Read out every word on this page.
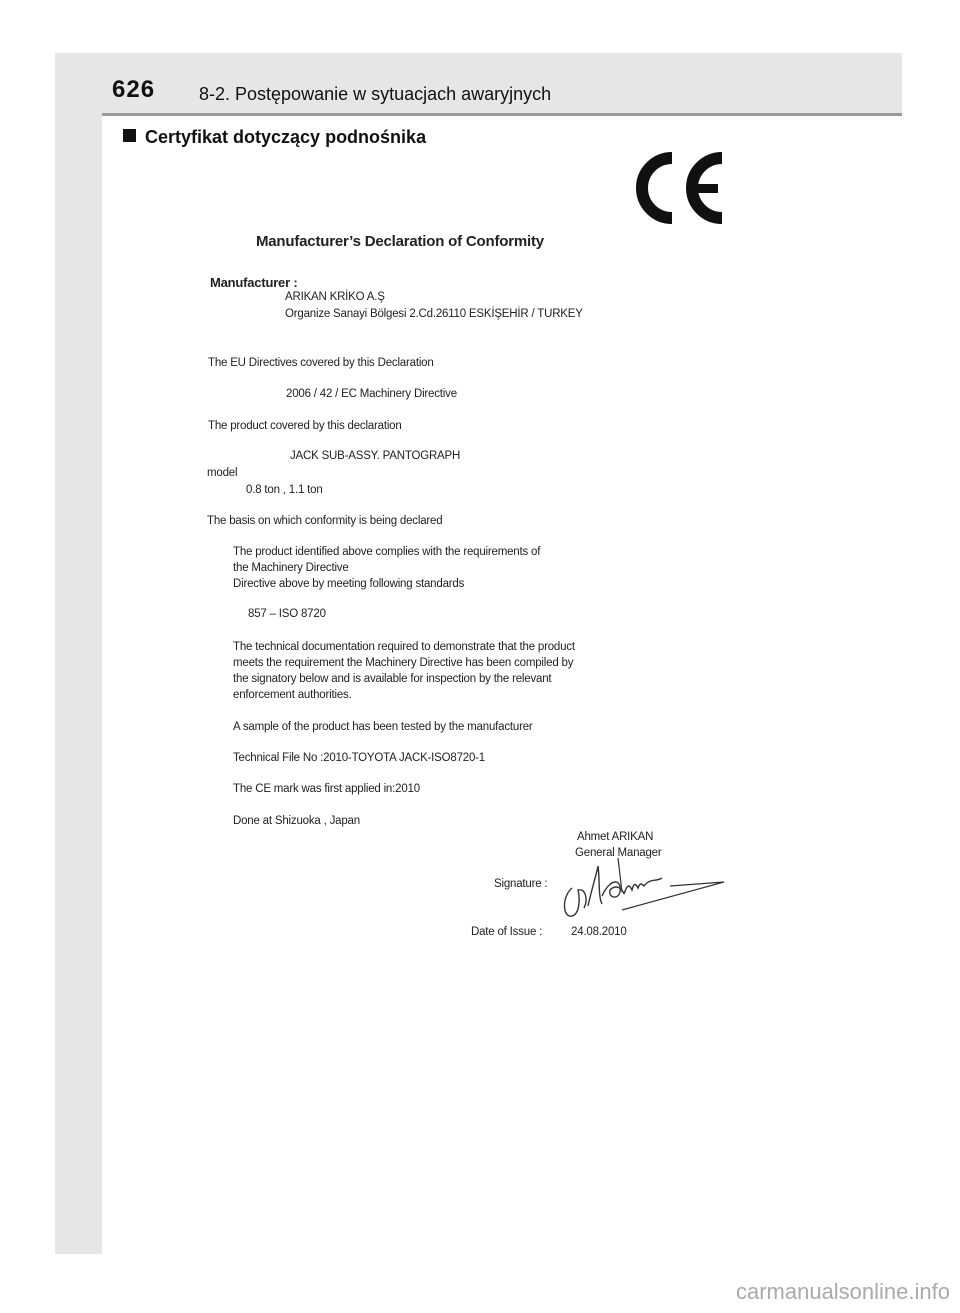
626 8-2. Postępowanie w sytuacjach awaryjnych
Certyfikat dotyczący podnośnika
Manufacturer’s Declaration of Conformity
Manufacturer :
ARIKAN KRİKO A.Ş
Organize Sanayi Bölgesi 2.Cd.26110 ESKİŞEHİR / TURKEY
The EU Directives covered by this Declaration
2006 / 42 / EC Machinery Directive
The product covered by this declaration
JACK SUB-ASSY. PANTOGRAPH
model
0.8 ton , 1.1 ton
The basis on which conformity is being declared
The product identified above complies with the requirements of
the Machinery Directive
Directive above by meeting following standards
857 – ISO 8720
The technical documentation required to demonstrate that the product
meets the requirement the Machinery Directive has been compiled by
the signatory below and is available for inspection by the relevant
enforcement authorities.
A sample of the product has been tested by the manufacturer
Technical File No :2010-TOYOTA JACK-ISO8720-1
The CE mark was first applied in:2010
Done at Shizuoka , Japan
Ahmet ARIKAN
General Manager
Signature :
Date of Issue :	24.08.2010
carmanualsonline.info
